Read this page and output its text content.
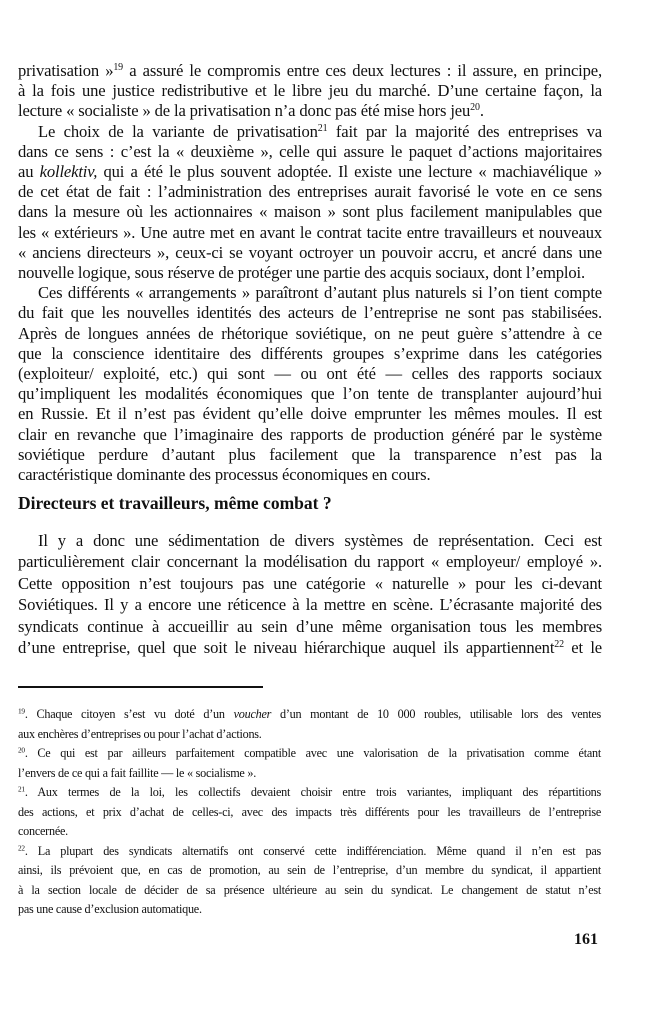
privatisation »$^{19}$ a assuré le compromis entre ces deux lectures : il assure, en principe,
à la fois une justice redistributive et le libre jeu du marché. D’une certaine façon, la
lecture « socialiste » de la privatisation n’a donc pas été mise hors jeu$^{20}$.
Le choix de la variante de privatisation$^{21}$ fait par la majorité des entreprises va
dans ce sens : c’est la « deuxième », celle qui assure le paquet d’actions majoritaires
au kollektiv, qui a été le plus souvent adoptée. Il existe une lecture « machiavélique »
de cet état de fait : l’administration des entreprises aurait favorisé le vote en ce sens
dans la mesure où les actionnaires « maison » sont plus facilement manipulables que
les « extérieurs ». Une autre met en avant le contrat tacite entre travailleurs et nouveaux
« anciens directeurs », ceux-ci se voyant octroyer un pouvoir accru, et ancré dans une
nouvelle logique, sous réserve de protéger une partie des acquis sociaux, dont l’emploi.
Ces différents « arrangements » paraîtront d’autant plus naturels si l’on tient compte
du fait que les nouvelles identités des acteurs de l’entreprise ne sont pas stabilisées.
Après de longues années de rhétorique soviétique, on ne peut guère s’attendre à ce
que la conscience identitaire des différents groupes s’exprime dans les catégories
(exploiteur/ exploité, etc.) qui sont — ou ont été — celles des rapports sociaux
qu’impliquent les modalités économiques que l’on tente de transplanter aujourd’hui
en Russie. Et il n’est pas évident qu’elle doive emprunter les mêmes moules. Il est
clair en revanche que l’imaginaire des rapports de production généré par le système
soviétique perdure d’autant plus facilement que la transparence n’est pas la
caractéristique dominante des processus économiques en cours.
Directeurs et travailleurs, même combat ?
Il y a donc une sédimentation de divers systèmes de représentation. Ceci est
particulièrement clair concernant la modélisation du rapport « employeur/ employé ».
Cette opposition n’est toujours pas une catégorie « naturelle » pour les ci-devant
Soviétiques. Il y a encore une réticence à la mettre en scène. L’écrasante majorité des
syndicats continue à accueillir au sein d’une même organisation tous les membres
d’une entreprise, quel que soit le niveau hiérarchique auquel ils appartiennent$^{22}$ et le
$^{19}$. Chaque citoyen s’est vu doté d’un voucher d’un montant de 10 000 roubles, utilisable lors des ventes
aux enchères d’entreprises ou pour l’achat d’actions.
$^{20}$. Ce qui est par ailleurs parfaitement compatible avec une valorisation de la privatisation comme étant
l’envers de ce qui a fait faillite — le « socialisme ».
$^{21}$. Aux termes de la loi, les collectifs devaient choisir entre trois variantes, impliquant des répartitions
des actions, et prix d’achat de celles-ci, avec des impacts très différents pour les travailleurs de l’entreprise
concernée.
$^{22}$. La plupart des syndicats alternatifs ont conservé cette indifférenciation. Même quand il n’en est pas
ainsi, ils prévoient que, en cas de promotion, au sein de l’entreprise, d’un membre du syndicat, il appartient
à la section locale de décider de sa présence ultérieure au sein du syndicat. Le changement de statut n’est
pas une cause d’exclusion automatique.
161
